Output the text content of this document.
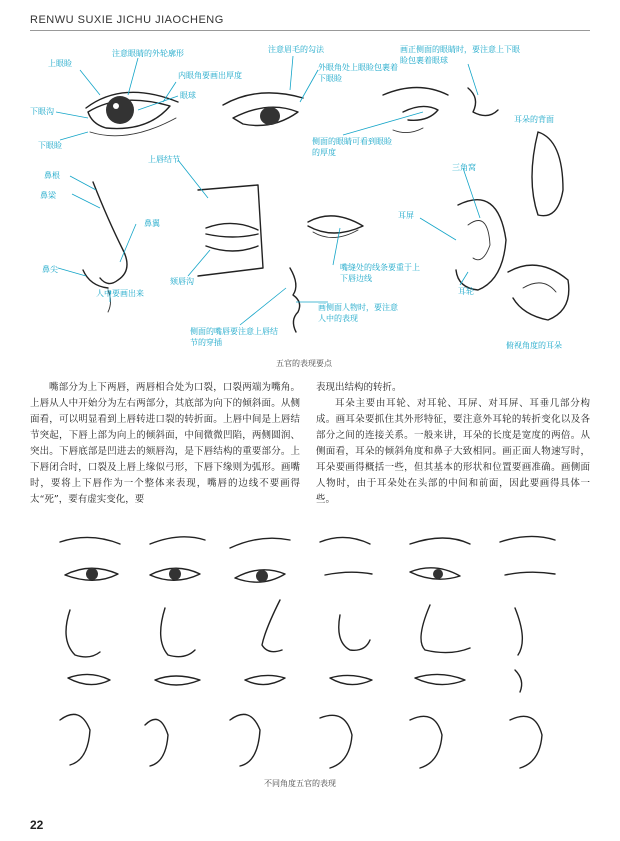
RENWU SUXIE JICHU JIAOCHENG
上眼睑
注意眼睛的外轮廓形
内眼角要画出厚度
眼球
下眼沟
下眼睑
注意眉毛的勾法
外眼角处上眼睑包裹着下眼睑
侧面的眼睛可看到眼睑的厚度
画正侧面的眼睛时，要注意上下眼睑包裹着眼球
耳朵的背面
鼻根
鼻梁
鼻翼
鼻尖
人中要画出来
上唇结节
颏唇沟
嘴缝处的线条要重于上下唇边线
画侧面人物时，要注意人中的表现
侧面的嘴唇要注意上唇结节的穿插
三角窝
耳屏
耳轮
俯视角度的耳朵
五官的表现要点

嘴部分为上下两唇，两唇相合处为口裂，口裂两端为嘴角。上唇从人中开始分为左右两部分，其底部为向下的倾斜面。从侧面看，可以明显看到上唇转进口裂的转折面。上唇中间是上唇结节突起，下唇上部为向上的倾斜面，中间微微凹陷，两侧圆润、突出。下唇底部是凹进去的颏唇沟，是下唇结构的重要部分。上下唇闭合时，口裂及上唇上缘似弓形，下唇下缘则为弧形。画嘴时，要将上下唇作为一个整体来表现，嘴唇的边线不要画得太“死”，要有虚实变化，要

表现出结构的转折。

耳朵主要由耳轮、对耳轮、耳屏、对耳屏、耳垂几部分构成。画耳朵要抓住其外形特征，要注意外耳轮的转折变化以及各部分之间的连接关系。一般来讲，耳朵的长度是宽度的两倍。从侧面看，耳朵的倾斜角度和鼻子大致相同。画正面人物速写时，耳朵要画得概括一些，但其基本的形状和位置要画准确。画侧面人物时，由于耳朵处在头部的中间和前面，因此要画得具体一些。

不同角度五官的表现
22
